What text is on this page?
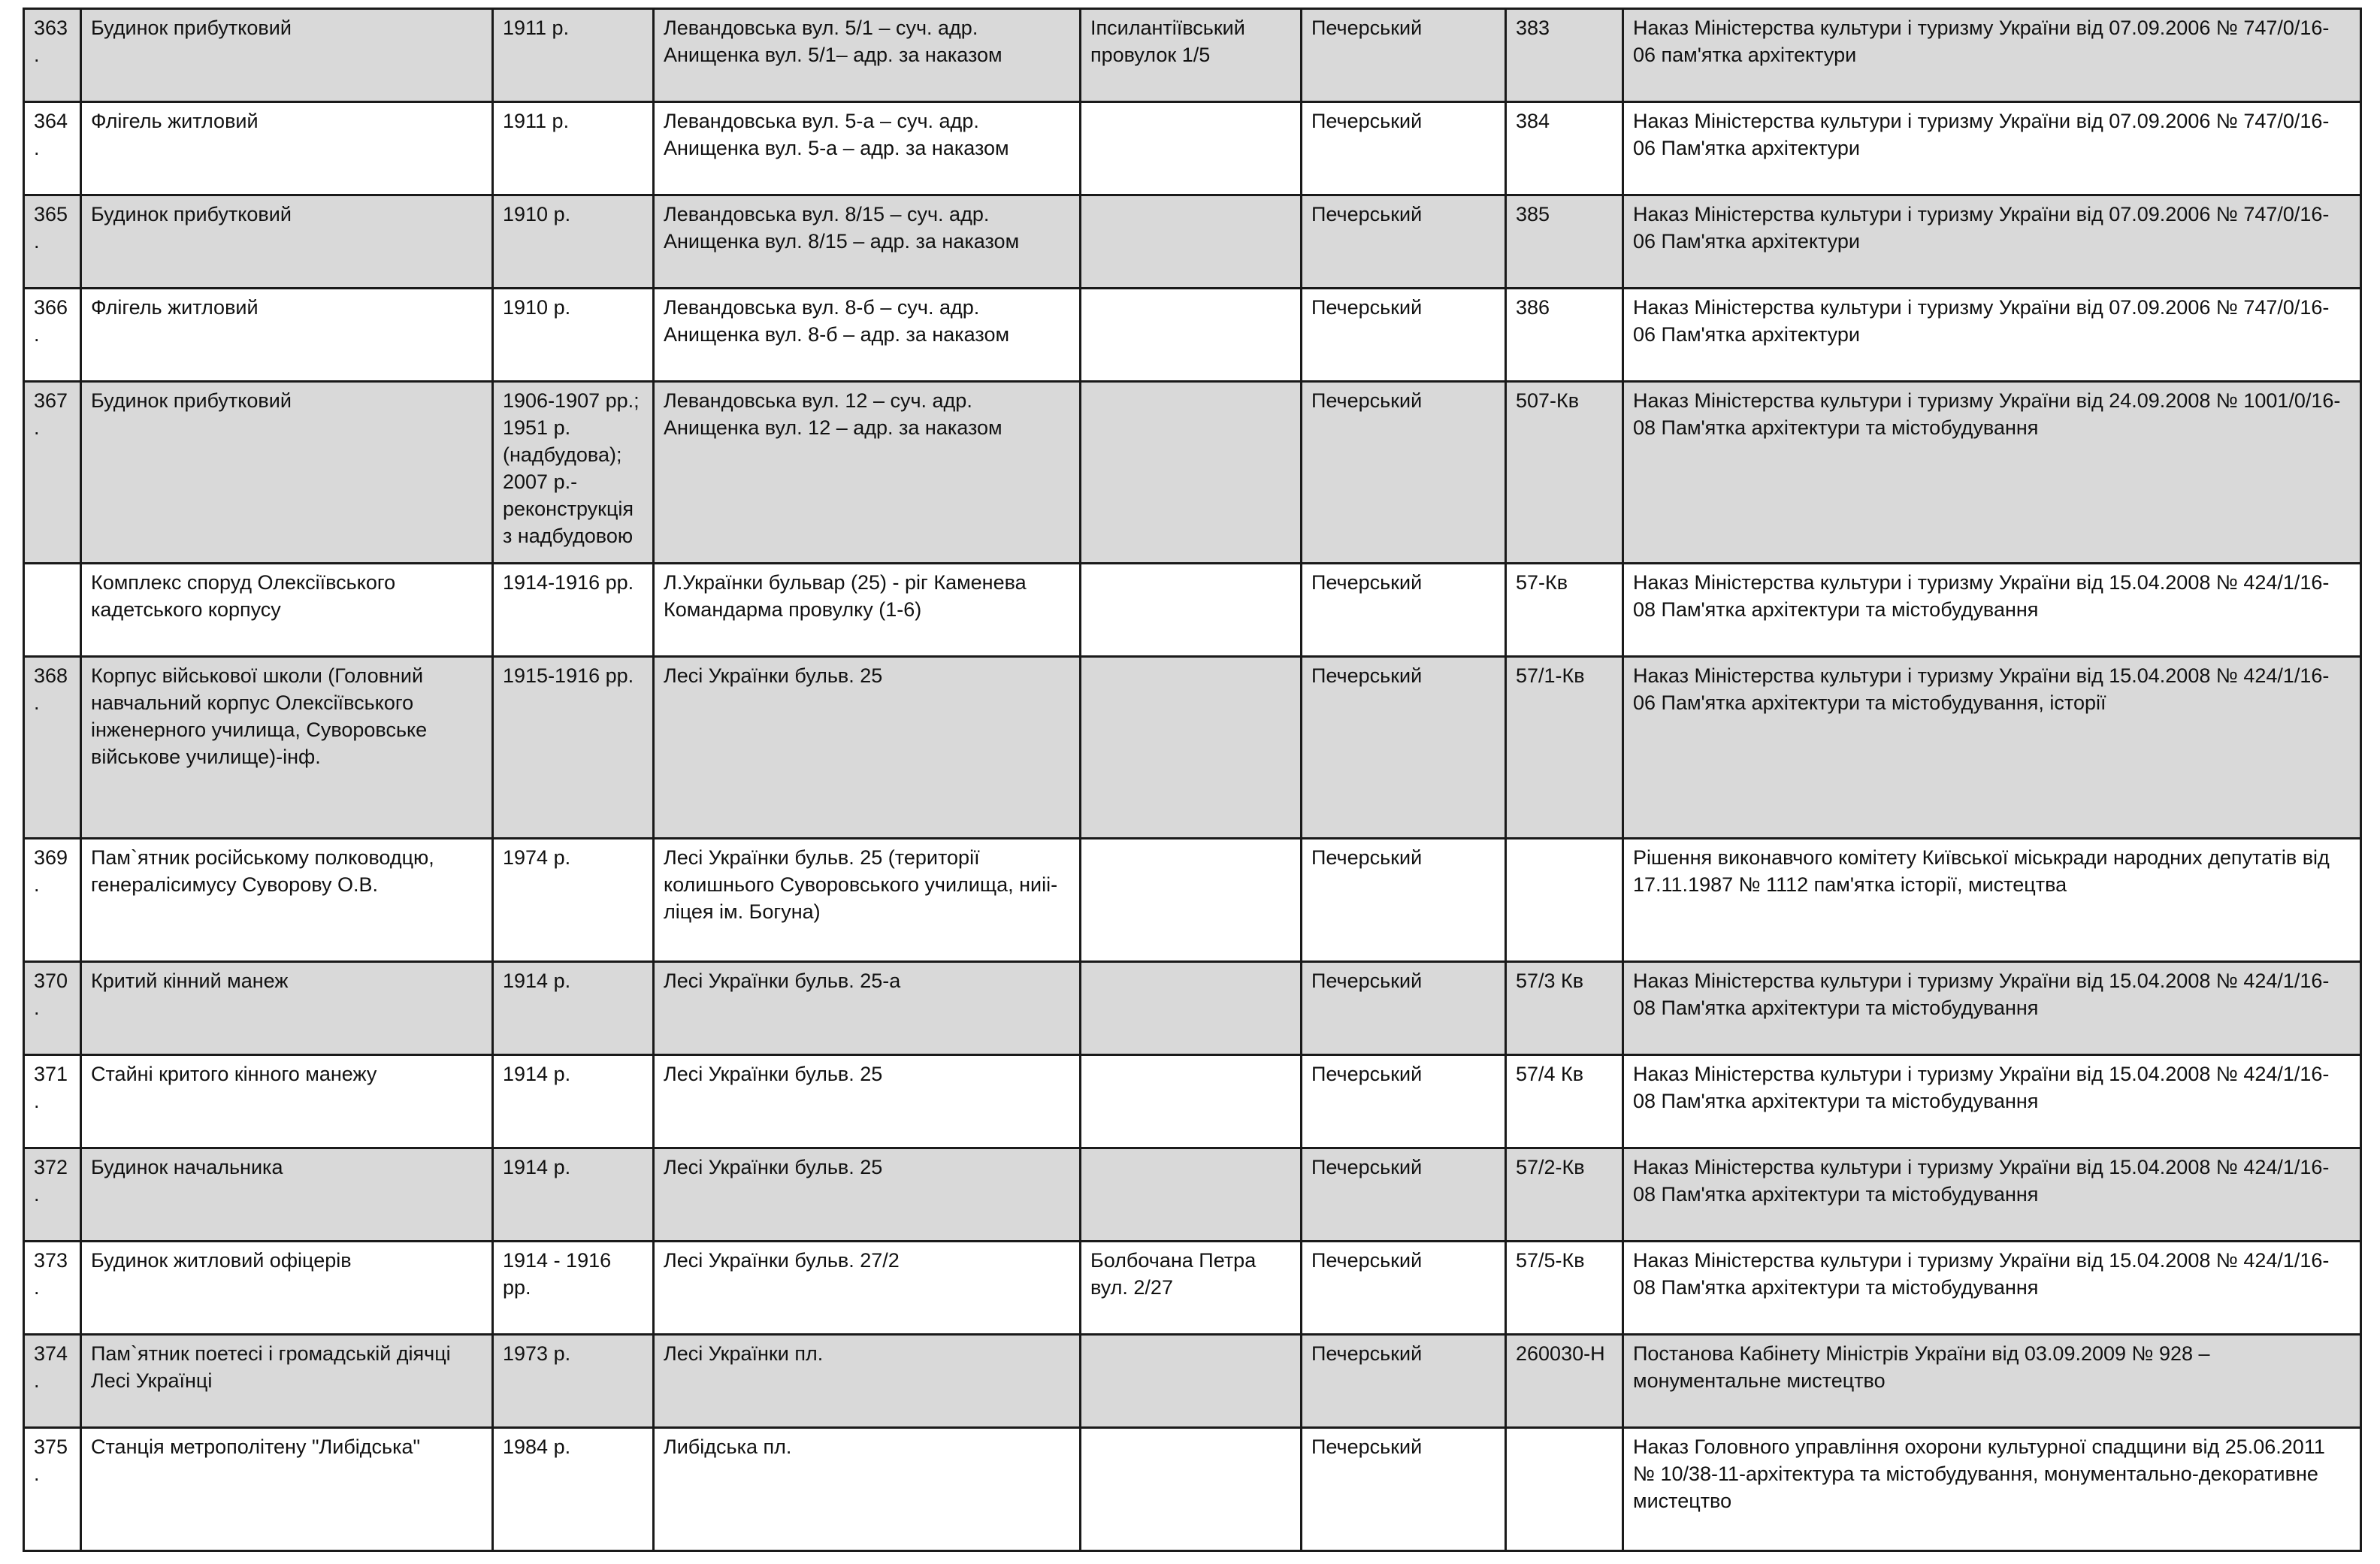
363.	Будинок прибутковий	1911 р.	Левандовська вул. 5/1 – суч. адр.
Анищенка вул. 5/1– адр. за наказом	Іпсилантіївський провулок 1/5	Печерський	383	Наказ Міністерства культури і туризму України від 07.09.2006 № 747/0/16-06 пам'ятка архітектури
364.	Флігель житловий	1911 р.	Левандовська вул. 5-а – суч. адр.
Анищенка вул. 5-а – адр. за наказом		Печерський	384	Наказ Міністерства культури і туризму України від 07.09.2006 № 747/0/16-06 Пам'ятка архітектури
365.	Будинок прибутковий	1910 р.	Левандовська вул. 8/15 – суч. адр.
Анищенка вул. 8/15 – адр. за наказом		Печерський	385	Наказ Міністерства культури і туризму України від 07.09.2006 № 747/0/16-06 Пам'ятка архітектури
366.	Флігель житловий	1910 р.	Левандовська вул. 8-б – суч. адр.
Анищенка вул. 8-б – адр. за наказом		Печерський	386	Наказ Міністерства культури і туризму України від 07.09.2006 № 747/0/16-06 Пам'ятка архітектури
367.	Будинок прибутковий	1906-1907 рр.; 1951 р. (надбудова); 2007 р.- реконструкція з надбудовою	Левандовська вул. 12 – суч. адр.
Анищенка вул. 12 – адр. за наказом		Печерський	507-Кв	Наказ Міністерства культури і туризму України від 24.09.2008 № 1001/0/16-08 Пам'ятка архітектури та містобудування
	Комплекс споруд Олексіївського кадетського корпусу	1914-1916 рр.	Л.Українки бульвар (25) - ріг Каменева Командарма провулку (1-6)		Печерський	57-Кв	Наказ Міністерства культури і туризму України від 15.04.2008 № 424/1/16-08 Пам'ятка архітектури та містобудування
368.	Корпус військової школи (Головний навчальний корпус Олексіївського інженерного училища, Суворовське військове училище)-інф.	1915-1916 рр.	Лесі Українки бульв. 25		Печерський	57/1-Кв	Наказ Міністерства культури і туризму України від 15.04.2008 № 424/1/16-06 Пам'ятка архітектури та містобудування, історії
369.	Пам`ятник російському полководцю, генералісимусу Суворову О.В.	1974 р.	Лесі Українки бульв. 25 (території колишнього Суворовського училища, ниіі- ліцея ім. Богуна)		Печерський		Рішення виконавчого комітету Київської міськради народних депутатів від 17.11.1987 № 1112 пам'ятка історії, мистецтва
370.	Критий кінний манеж	1914 р.	Лесі Українки бульв. 25-а		Печерський	57/3 Кв	Наказ Міністерства культури і туризму України від 15.04.2008 № 424/1/16-08 Пам'ятка архітектури та містобудування
371.	Стайні критого кінного манежу	1914 р.	Лесі Українки бульв. 25		Печерський	57/4 Кв	Наказ Міністерства культури і туризму України від 15.04.2008 № 424/1/16-08 Пам'ятка архітектури та містобудування
372.	Будинок начальника	1914 р.	Лесі Українки бульв. 25		Печерський	57/2-Кв	Наказ Міністерства культури і туризму України від 15.04.2008 № 424/1/16-08 Пам'ятка архітектури та містобудування
373.	Будинок житловий офіцерів	1914 - 1916 рр.	Лесі Українки бульв. 27/2	Болбочана Петра вул. 2/27	Печерський	57/5-Кв	Наказ Міністерства культури і туризму України від 15.04.2008 № 424/1/16-08 Пам'ятка архітектури та містобудування
374.	Пам`ятник поетесі і громадській діячці Лесі Українці	1973 р.	Лесі Українки пл.		Печерський	260030-Н	Постанова Кабінету Міністрів України від 03.09.2009 № 928 – монументальне мистецтво
375.	Станція метрополітену "Либідська"	1984 р.	Либідська пл.		Печерський		Наказ Головного управління охорони культурної спадщини від 25.06.2011 № 10/38-11-архітектура та містобудування, монументально-декоративне мистецтво
